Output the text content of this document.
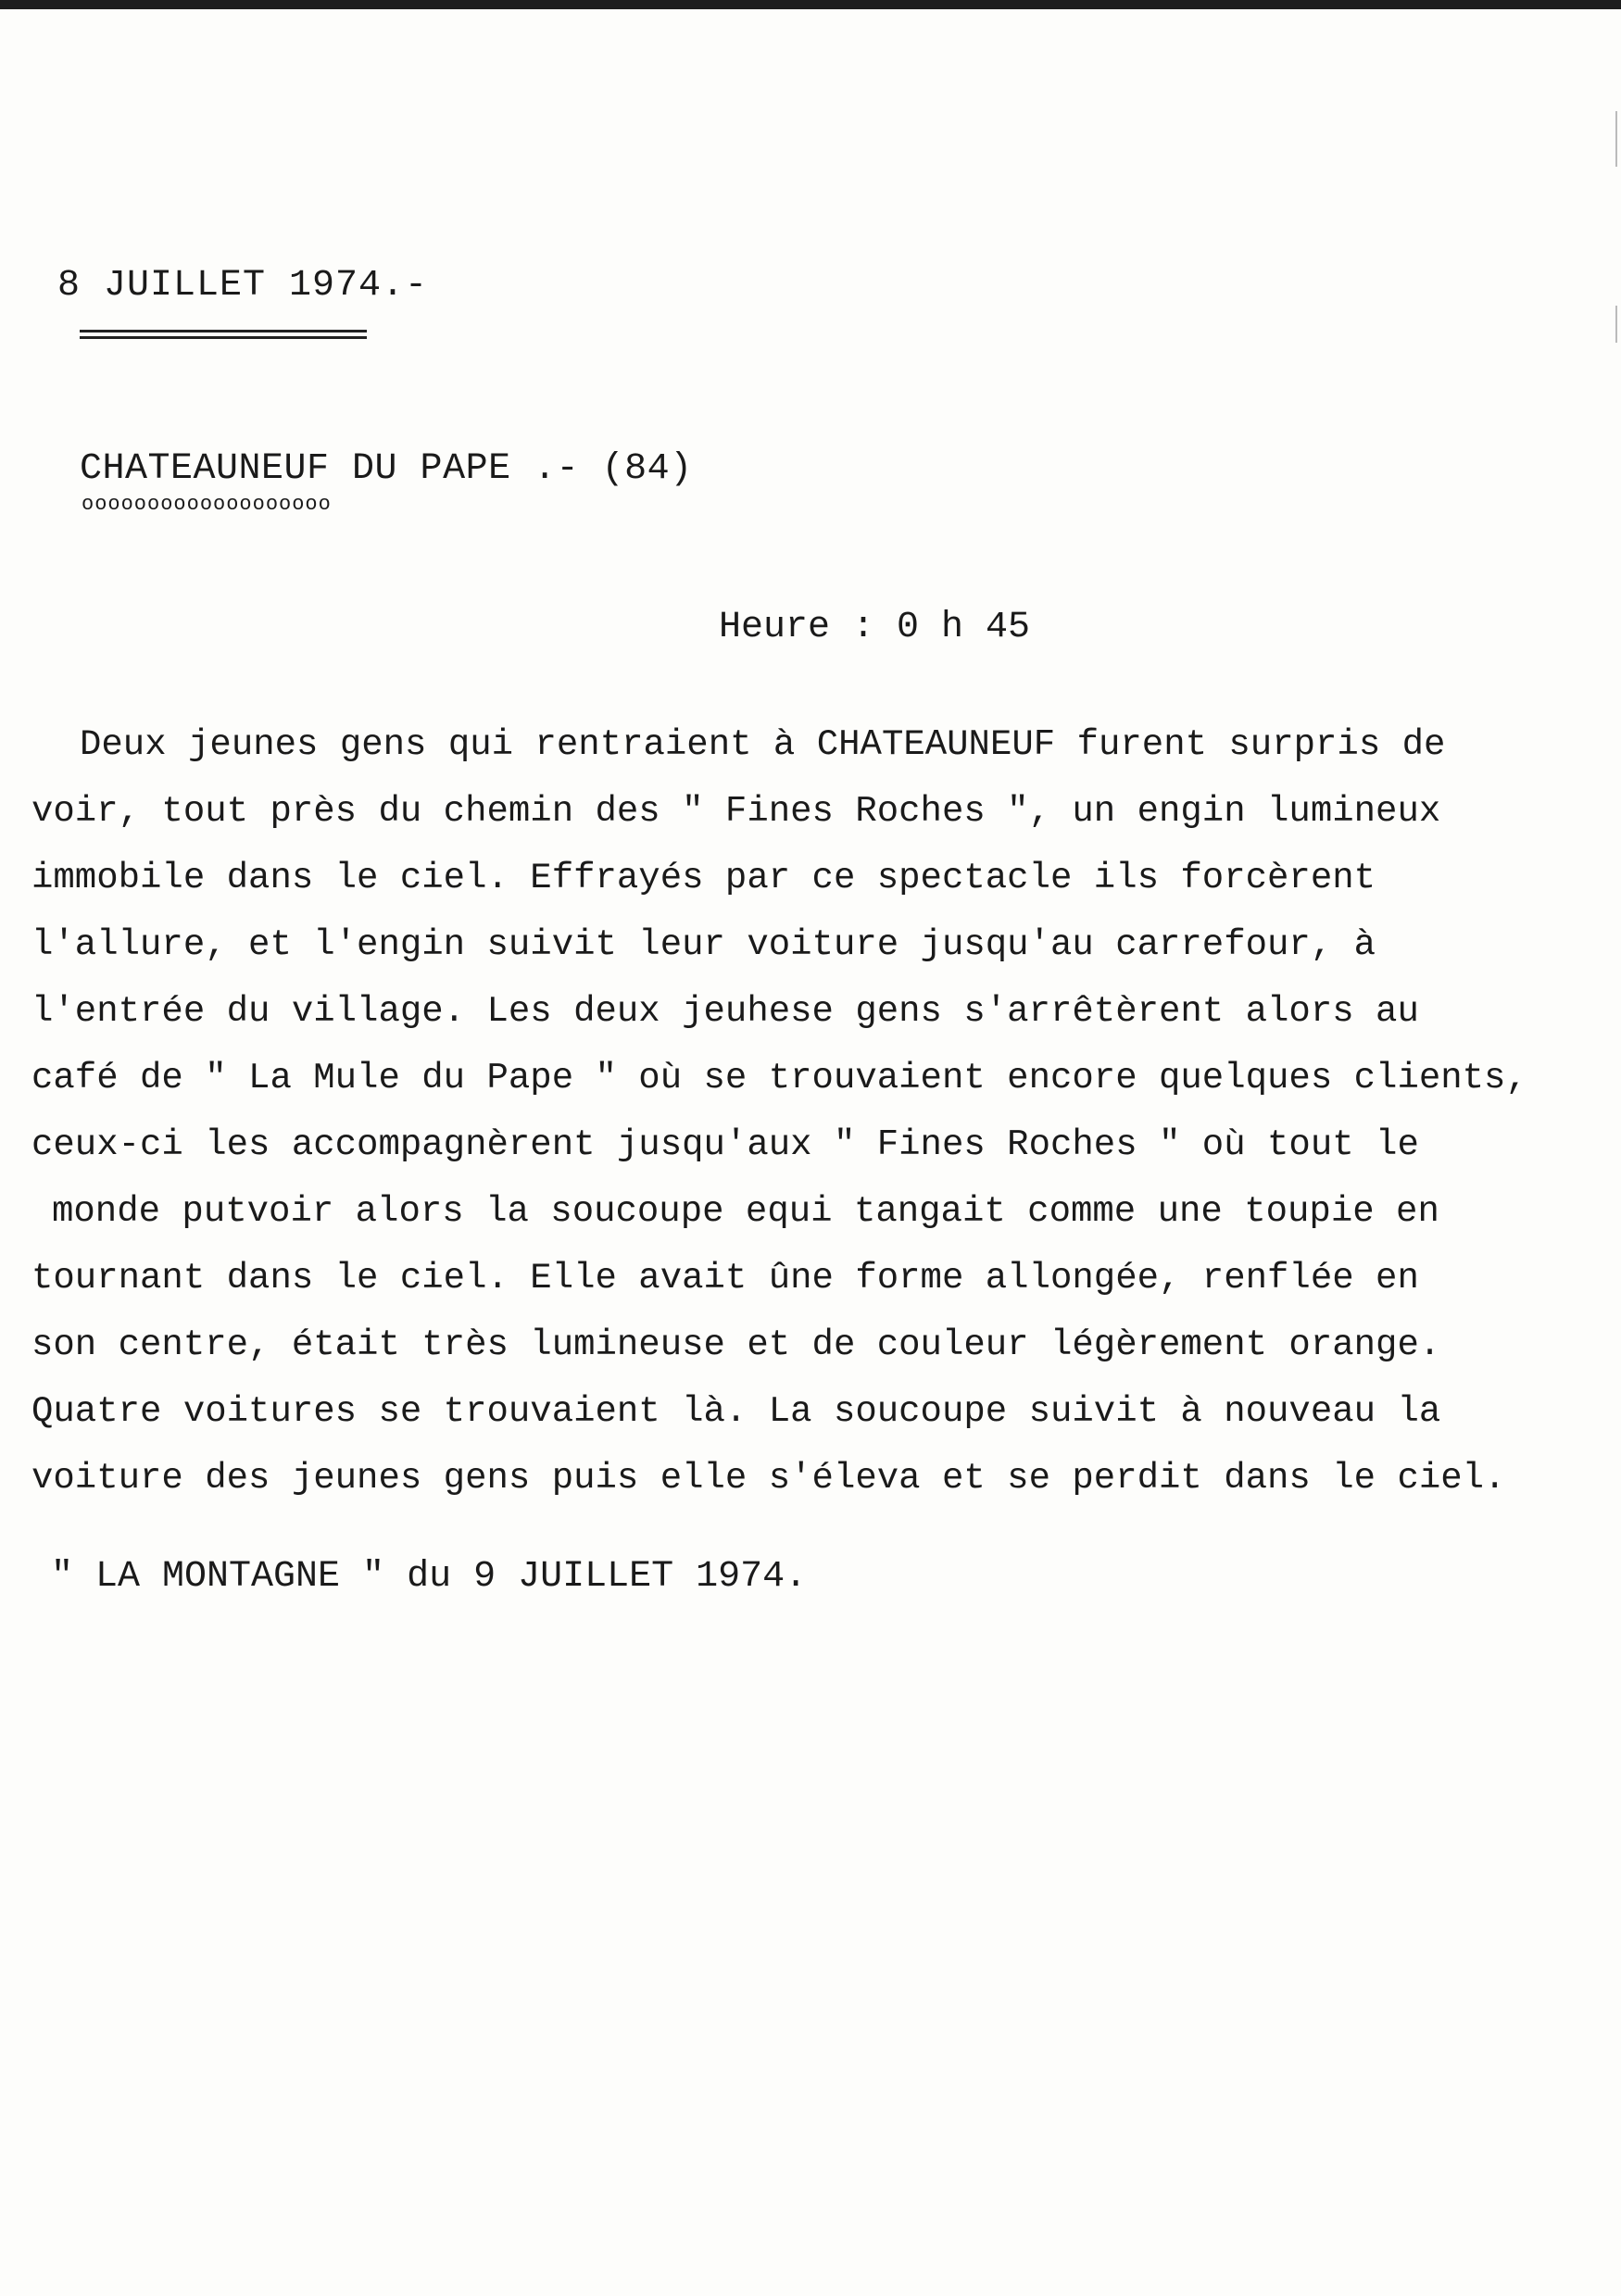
8 JUILLET 1974.-
CHATEAUNEUF DU PAPE .- (84)
ooooooooooooooooooo
Heure : 0 h 45
Deux jeunes gens qui rentraient à CHATEAUNEUF furent surpris de
voir, tout près du chemin des " Fines Roches ", un engin lumineux
immobile dans le ciel. Effrayés par ce spectacle ils forcèrent
l'allure, et l'engin suivit leur voiture jusqu'au carrefour, à
l'entrée du village. Les deux jeuhese gens s'arrêtèrent alors au
café de " La Mule du Pape " où se trouvaient encore quelques clients,
ceux-ci les accompagnèrent jusqu'aux " Fines Roches " où tout le
monde putvoir alors la soucoupe equi tangait comme une toupie en
tournant dans le ciel. Elle avait ûne forme allongée, renflée en
son centre, était très lumineuse et de couleur légèrement orange.
Quatre voitures se trouvaient là. La soucoupe suivit à nouveau la
voiture des jeunes gens puis elle s'éleva et se perdit dans le ciel.
" LA MONTAGNE " du 9 JUILLET 1974.
